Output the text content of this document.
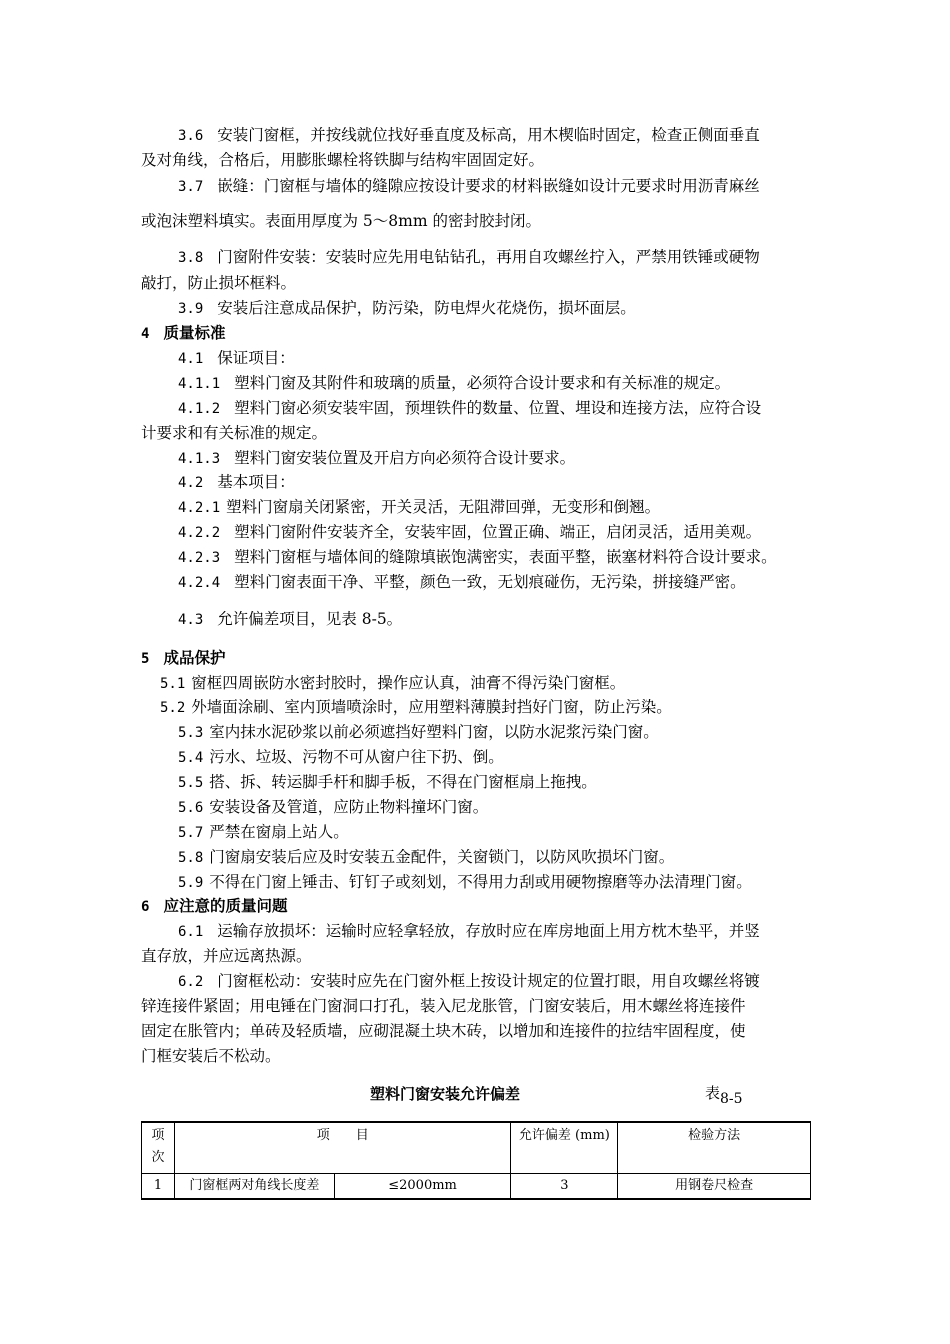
3.6 安装门窗框，并按线就位找好垂直度及标高，用木楔临时固定，检查正侧面垂直
及对角线，合格后，用膨胀螺栓将铁脚与结构牢固固定好。
3.7 嵌缝：门窗框与墙体的缝隙应按设计要求的材料嵌缝如设计元要求时用沥青麻丝
或泡沫塑料填实。表面用厚度为 5～8mm 的密封胶封闭。
3.8 门窗附件安装：安装时应先用电钻钻孔，再用自攻螺丝拧入，严禁用铁锤或硬物
敲打，防止损坏框料。
3.9 安装后注意成品保护，防污染，防电焊火花烧伤，损坏面层。
4 质量标准
4.1 保证项目：
4.1.1 塑料门窗及其附件和玻璃的质量，必须符合设计要求和有关标准的规定。
4.1.2 塑料门窗必须安装牢固，预埋铁件的数量、位置、埋设和连接方法，应符合设
计要求和有关标准的规定。
4.1.3 塑料门窗安装位置及开启方向必须符合设计要求。
4.2 基本项目：
4.2.1 塑料门窗扇关闭紧密，开关灵活，无阻滞回弹，无变形和倒翘。
4.2.2 塑料门窗附件安装齐全，安装牢固，位置正确、端正，启闭灵活，适用美观。
4.2.3 塑料门窗框与墙体间的缝隙填嵌饱满密实，表面平整，嵌塞材料符合设计要求。
4.2.4 塑料门窗表面干净、平整，颜色一致，无划痕碰伤，无污染，拼接缝严密。
4.3 允许偏差项目，见表 8-5。
5 成品保护
5.1 窗框四周嵌防水密封胶时，操作应认真，油膏不得污染门窗框。
5.2 外墙面涂刷、室内顶墙喷涂时，应用塑料薄膜封挡好门窗，防止污染。
5.3 室内抹水泥砂浆以前必须遮挡好塑料门窗，以防水泥浆污染门窗。
5.4 污水、垃圾、污物不可从窗户往下扔、倒。
5.5 搭、拆、转运脚手杆和脚手板，不得在门窗框扇上拖拽。
5.6 安装设备及管道，应防止物料撞坏门窗。
5.7 严禁在窗扇上站人。
5.8 门窗扇安装后应及时安装五金配件，关窗锁门，以防风吹损坏门窗。
5.9 不得在门窗上锤击、钉钉子或刻划，不得用力刮或用硬物擦磨等办法清理门窗。
6 应注意的质量问题
6.1 运输存放损坏：运输时应轻拿轻放，存放时应在库房地面上用方枕木垫平，并竖
直存放，并应远离热源。
6.2 门窗框松动：安装时应先在门窗外框上按设计规定的位置打眼，用自攻螺丝将镀
锌连接件紧固；用电锤在门窗洞口打孔，装入尼龙胀管，门窗安装后，用木螺丝将连接件
固定在胀管内；单砖及轻质墙，应砌混凝土块木砖，以增加和连接件的拉结牢固程度，使
门框安装后不松动。
塑料门窗安装允许偏差	表$_{8-5}$
项
次	项　　目		允许偏差 (mm)	检验方法
1	门窗框两对角线长度差	≤2000mm	3	用钢卷尺检查
